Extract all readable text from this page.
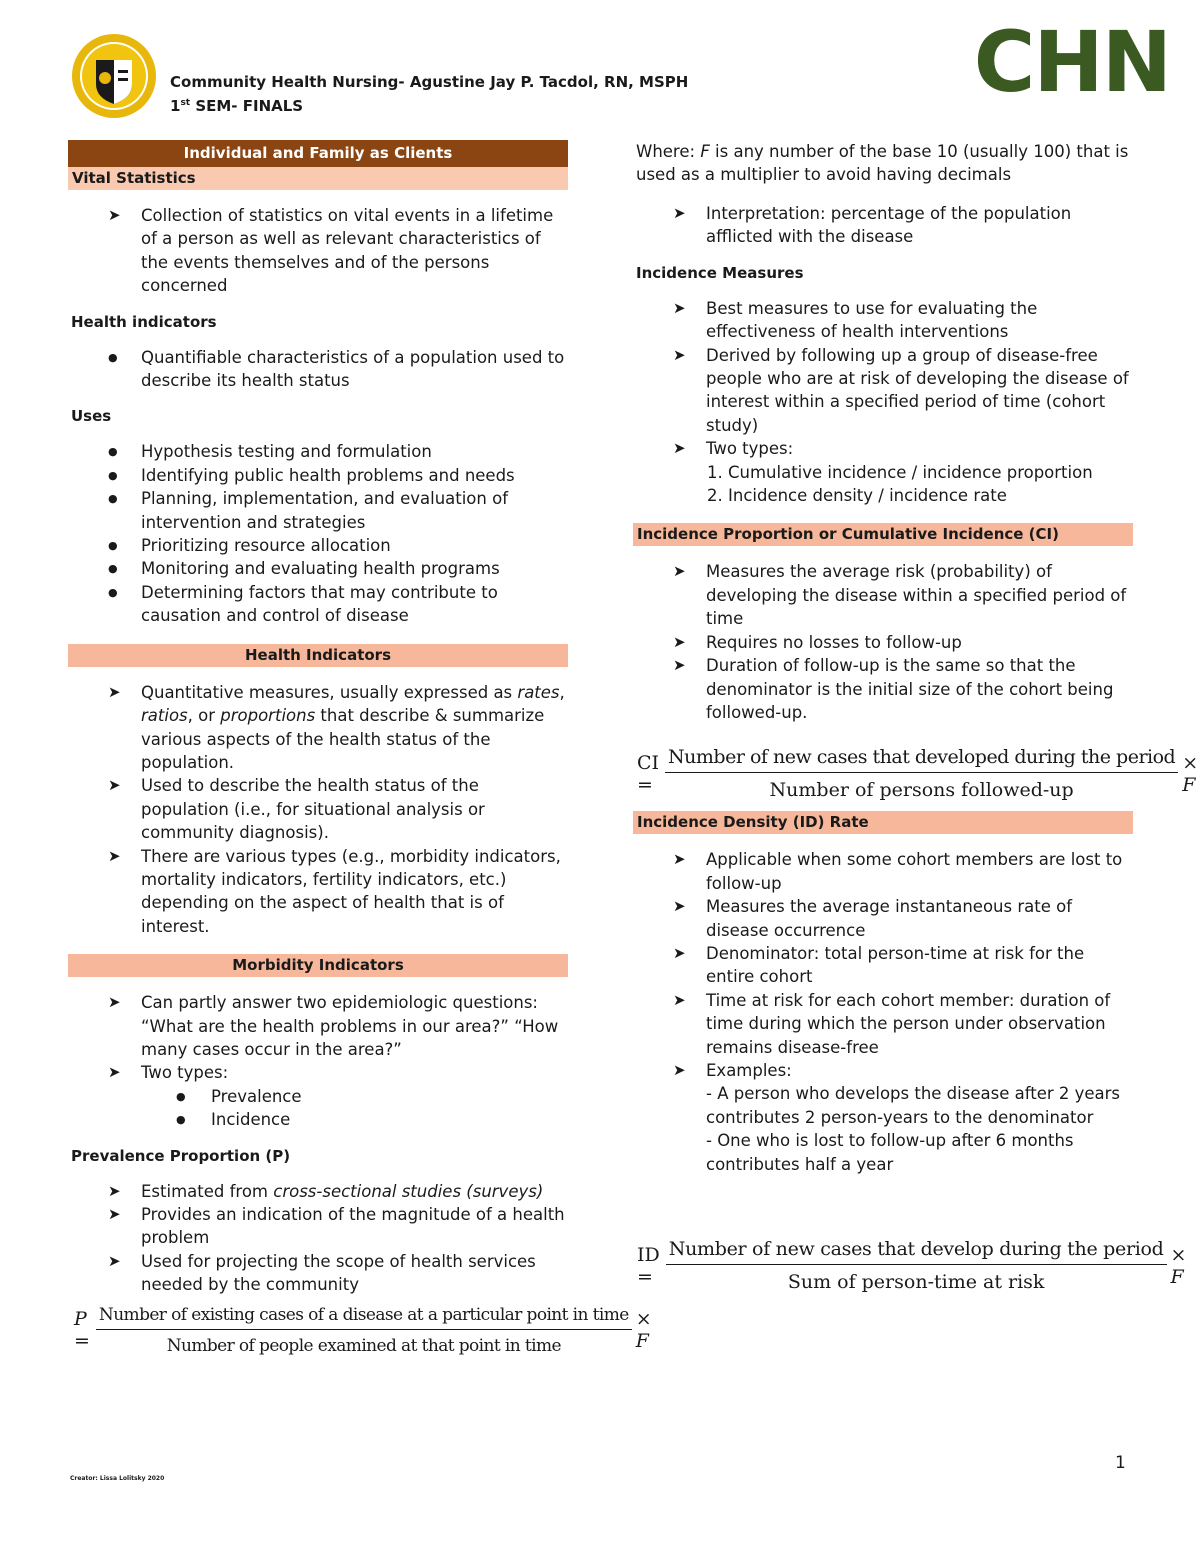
Community Health Nursing- Agustine Jay P. Tacdol, RN, MSPH
1st SEM- FINALS	CHN
Individual and Family as Clients
Vital Statistics
➤ Collection of statistics on vital events in a lifetime of a person as well as relevant characteristics of the events themselves and of the persons concerned
Health indicators
● Quantifiable characteristics of a population used to describe its health status
Uses
● Hypothesis testing and formulation
● Identifying public health problems and needs
● Planning, implementation, and evaluation of intervention and strategies
● Prioritizing resource allocation
● Monitoring and evaluating health programs
● Determining factors that may contribute to causation and control of disease
Health Indicators
➤ Quantitative measures, usually expressed as rates, ratios, or proportions that describe & summarize various aspects of the health status of the population.
➤ Used to describe the health status of the population (i.e., for situational analysis or community diagnosis).
➤ There are various types (e.g., morbidity indicators, mortality indicators, fertility indicators, etc.) depending on the aspect of health that is of interest.
Morbidity Indicators
➤ Can partly answer two epidemiologic questions: “What are the health problems in our area?” “How many cases occur in the area?”
➤ Two types:
● Prevalence
● Incidence
Prevalence Proportion (P)
➤ Estimated from cross-sectional studies (surveys)
➤ Provides an indication of the magnitude of a health problem
➤ Used for projecting the scope of health services needed by the community
P =
Number of existing cases of a disease at a particular point in time
Number of people examined at that point in time
× F

Where: F is any number of the base 10 (usually 100) that is used as a multiplier to avoid having decimals

➤ Interpretation: percentage of the population afflicted with the disease
Incidence Measures
➤ Best measures to use for evaluating the effectiveness of health interventions
➤ Derived by following up a group of disease-free people who are at risk of developing the disease of interest within a specified period of time (cohort study)
➤ Two types:
1. Cumulative incidence / incidence proportion
2. Incidence density / incidence rate
Incidence Proportion or Cumulative Incidence (CI)
➤ Measures the average risk (probability) of developing the disease within a specified period of time
➤ Requires no losses to follow-up
➤ Duration of follow-up is the same so that the denominator is the initial size of the cohort being followed-up.
CI = $\frac{\text{Number of new cases that developed during the period}}{\text{Number of persons followed-up}} \times F$
Incidence Density (ID) Rate
➤ Applicable when some cohort members are lost to follow-up
➤ Measures the average instantaneous rate of disease occurrence
➤ Denominator: total person-time at risk for the entire cohort
➤ Time at risk for each cohort member: duration of time during which the person under observation remains disease-free
➤ Examples:
- A person who develops the disease after 2 years contributes 2 person-years to the denominator
- One who is lost to follow-up after 6 months contributes half a year
ID = $\frac{\text{Number of new cases that develop during the period}}{\text{Sum of person-time at risk}} \times F$
1
Creator: Lissa Lolitsky 2020
